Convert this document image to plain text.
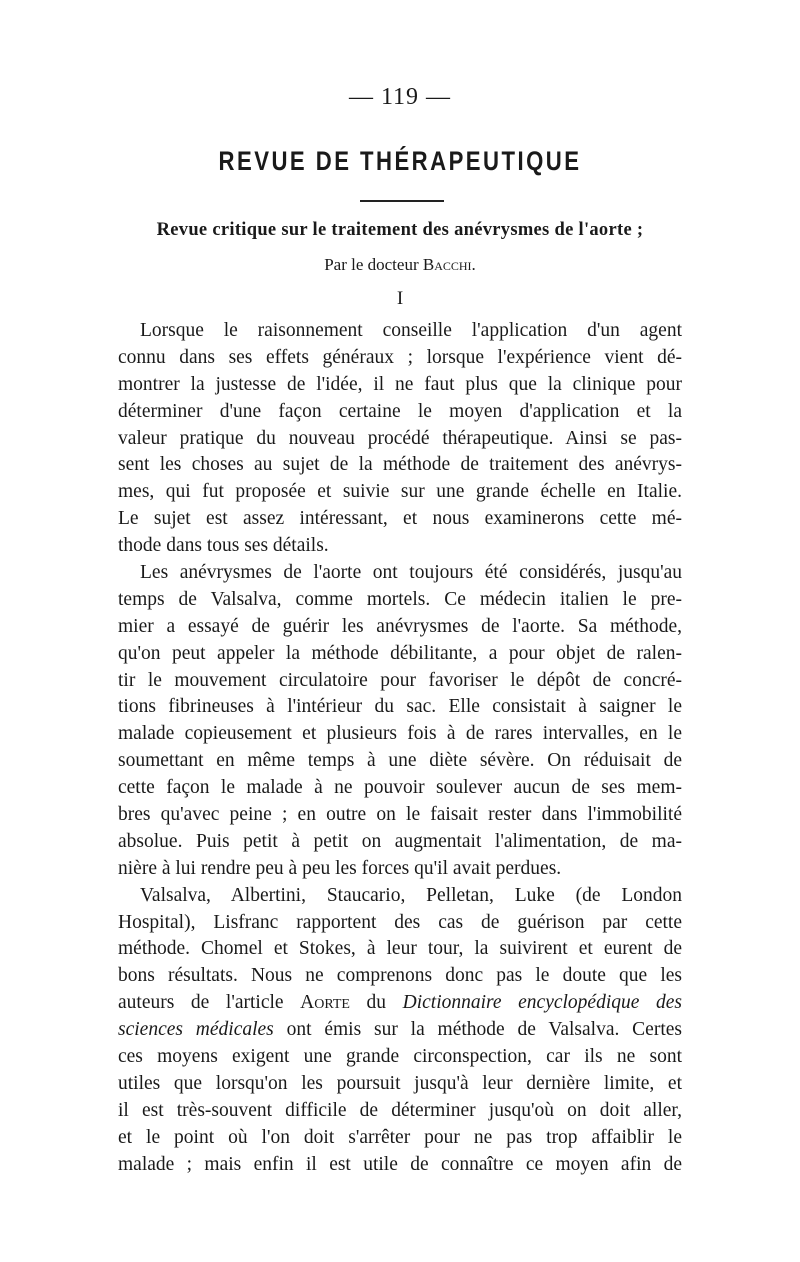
— 119 —
REVUE DE THÉRAPEUTIQUE
Revue critique sur le traitement des anévrysmes de l'aorte ;
Par le docteur Bacchi.
I
Lorsque le raisonnement conseille l'application d'un agent
connu dans ses effets généraux ; lorsque l'expérience vient dé-
montrer la justesse de l'idée, il ne faut plus que la clinique pour
déterminer d'une façon certaine le moyen d'application et la
valeur pratique du nouveau procédé thérapeutique. Ainsi se pas-
sent les choses au sujet de la méthode de traitement des anévrys-
mes, qui fut proposée et suivie sur une grande échelle en Italie.
Le sujet est assez intéressant, et nous examinerons cette mé-
thode dans tous ses détails.
Les anévrysmes de l'aorte ont toujours été considérés, jusqu'au
temps de Valsalva, comme mortels. Ce médecin italien le pre-
mier a essayé de guérir les anévrysmes de l'aorte. Sa méthode,
qu'on peut appeler la méthode débilitante, a pour objet de ralen-
tir le mouvement circulatoire pour favoriser le dépôt de concré-
tions fibrineuses à l'intérieur du sac. Elle consistait à saigner le
malade copieusement et plusieurs fois à de rares intervalles, en le
soumettant en même temps à une diète sévère. On réduisait de
cette façon le malade à ne pouvoir soulever aucun de ses mem-
bres qu'avec peine ; en outre on le faisait rester dans l'immobilité
absolue. Puis petit à petit on augmentait l'alimentation, de ma-
nière à lui rendre peu à peu les forces qu'il avait perdues.
Valsalva, Albertini, Staucario, Pelletan, Luke (de London
Hospital), Lisfranc rapportent des cas de guérison par cette
méthode. Chomel et Stokes, à leur tour, la suivirent et eurent de
bons résultats. Nous ne comprenons donc pas le doute que les
auteurs de l'article Aorte du Dictionnaire encyclopédique des
sciences médicales ont émis sur la méthode de Valsalva. Certes
ces moyens exigent une grande circonspection, car ils ne sont
utiles que lorsqu'on les poursuit jusqu'à leur dernière limite, et
il est très-souvent difficile de déterminer jusqu'où on doit aller,
et le point où l'on doit s'arrêter pour ne pas trop affaiblir le
malade ; mais enfin il est utile de connaître ce moyen afin de
